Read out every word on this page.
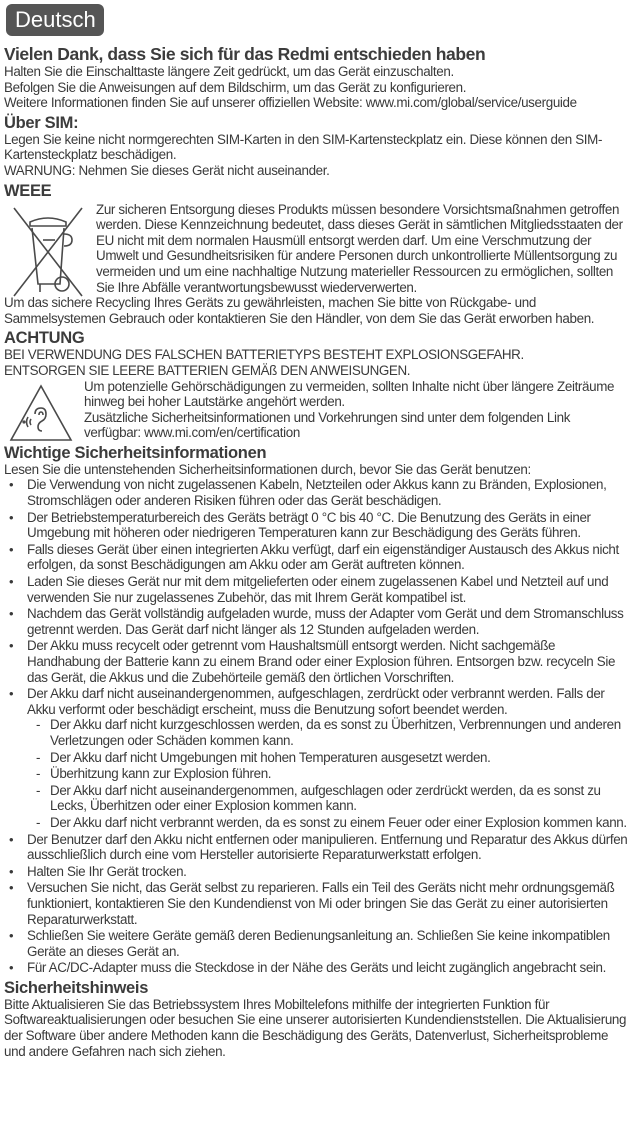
Deutsch
Vielen Dank, dass Sie sich für das Redmi entschieden haben

Halten Sie die Einschalttaste längere Zeit gedrückt, um das Gerät einzuschalten.

Befolgen Sie die Anweisungen auf dem Bildschirm, um das Gerät zu konfigurieren.

Weitere Informationen finden Sie auf unserer offiziellen Website: www.mi.com/global/service/userguide

Über SIM:

Legen Sie keine nicht normgerechten SIM-Karten in den SIM-Kartensteckplatz ein. Diese können den SIM-Kartensteckplatz beschädigen.

WARNUNG: Nehmen Sie dieses Gerät nicht auseinander.

WEEE

Zur sicheren Entsorgung dieses Produkts müssen besondere Vorsichtsmaßnahmen getroffen werden. Diese Kennzeichnung bedeutet, dass dieses Gerät in sämtlichen Mitgliedsstaaten der EU nicht mit dem normalen Hausmüll entsorgt werden darf. Um eine Verschmutzung der Umwelt und Gesundheitsrisiken für andere Personen durch unkontrollierte Müllentsorgung zu vermeiden und um eine nachhaltige Nutzung materieller Ressourcen zu ermöglichen, sollten Sie Ihre Abfälle verantwortungsbewusst wiederverwerten.

Um das sichere Recycling Ihres Geräts zu gewährleisten, machen Sie bitte von Rückgabe- und Sammelsystemen Gebrauch oder kontaktieren Sie den Händler, von dem Sie das Gerät erworben haben.

ACHTUNG

BEI VERWENDUNG DES FALSCHEN BATTERIETYPS BESTEHT EXPLOSIONSGEFAHR.

ENTSORGEN SIE LEERE BATTERIEN GEMÄß DEN ANWEISUNGEN.

Um potenzielle Gehörschädigungen zu vermeiden, sollten Inhalte nicht über längere Zeiträume hinweg bei hoher Lautstärke angehört werden.

Zusätzliche Sicherheitsinformationen und Vorkehrungen sind unter dem folgenden Link verfügbar: www.mi.com/en/certification

Wichtige Sicherheitsinformationen

Lesen Sie die untenstehenden Sicherheitsinformationen durch, bevor Sie das Gerät benutzen:

• Die Verwendung von nicht zugelassenen Kabeln, Netzteilen oder Akkus kann zu Bränden, Explosionen, Stromschlägen oder anderen Risiken führen oder das Gerät beschädigen.
• Der Betriebstemperaturbereich des Geräts beträgt 0 °C bis 40 °C. Die Benutzung des Geräts in einer Umgebung mit höheren oder niedrigeren Temperaturen kann zur Beschädigung des Geräts führen.
• Falls dieses Gerät über einen integrierten Akku verfügt, darf ein eigenständiger Austausch des Akkus nicht erfolgen, da sonst Beschädigungen am Akku oder am Gerät auftreten können.
• Laden Sie dieses Gerät nur mit dem mitgelieferten oder einem zugelassenen Kabel und Netzteil auf und verwenden Sie nur zugelassenes Zubehör, das mit Ihrem Gerät kompatibel ist.
• Nachdem das Gerät vollständig aufgeladen wurde, muss der Adapter vom Gerät und dem Stromanschluss getrennt werden. Das Gerät darf nicht länger als 12 Stunden aufgeladen werden.
• Der Akku muss recycelt oder getrennt vom Haushaltsmüll entsorgt werden. Nicht sachgemäße Handhabung der Batterie kann zu einem Brand oder einer Explosion führen. Entsorgen bzw. recyceln Sie das Gerät, die Akkus und die Zubehörteile gemäß den örtlichen Vorschriften.
• Der Akku darf nicht auseinandergenommen, aufgeschlagen, zerdrückt oder verbrannt werden. Falls der Akku verformt oder beschädigt erscheint, muss die Benutzung sofort beendet werden.
- Der Akku darf nicht kurzgeschlossen werden, da es sonst zu Überhitzen, Verbrennungen und anderen Verletzungen oder Schäden kommen kann.
- Der Akku darf nicht Umgebungen mit hohen Temperaturen ausgesetzt werden.
- Überhitzung kann zur Explosion führen.
- Der Akku darf nicht auseinandergenommen, aufgeschlagen oder zerdrückt werden, da es sonst zu Lecks, Überhitzen oder einer Explosion kommen kann.
- Der Akku darf nicht verbrannt werden, da es sonst zu einem Feuer oder einer Explosion kommen kann.
• Der Benutzer darf den Akku nicht entfernen oder manipulieren. Entfernung und Reparatur des Akkus dürfen ausschließlich durch eine vom Hersteller autorisierte Reparaturwerkstatt erfolgen.
• Halten Sie Ihr Gerät trocken.
• Versuchen Sie nicht, das Gerät selbst zu reparieren. Falls ein Teil des Geräts nicht mehr ordnungsgemäß funktioniert, kontaktieren Sie den Kundendienst von Mi oder bringen Sie das Gerät zu einer autorisierten Reparaturwerkstatt.
• Schließen Sie weitere Geräte gemäß deren Bedienungsanleitung an. Schließen Sie keine inkompatiblen Geräte an dieses Gerät an.
• Für AC/DC-Adapter muss die Steckdose in der Nähe des Geräts und leicht zugänglich angebracht sein.
Sicherheitshinweis

Bitte Aktualisieren Sie das Betriebssystem Ihres Mobiltelefons mithilfe der integrierten Funktion für Softwareaktualisierungen oder besuchen Sie eine unserer autorisierten Kundendienststellen. Die Aktualisierung der Software über andere Methoden kann die Beschädigung des Geräts, Datenverlust, Sicherheitsprobleme und andere Gefahren nach sich ziehen.
